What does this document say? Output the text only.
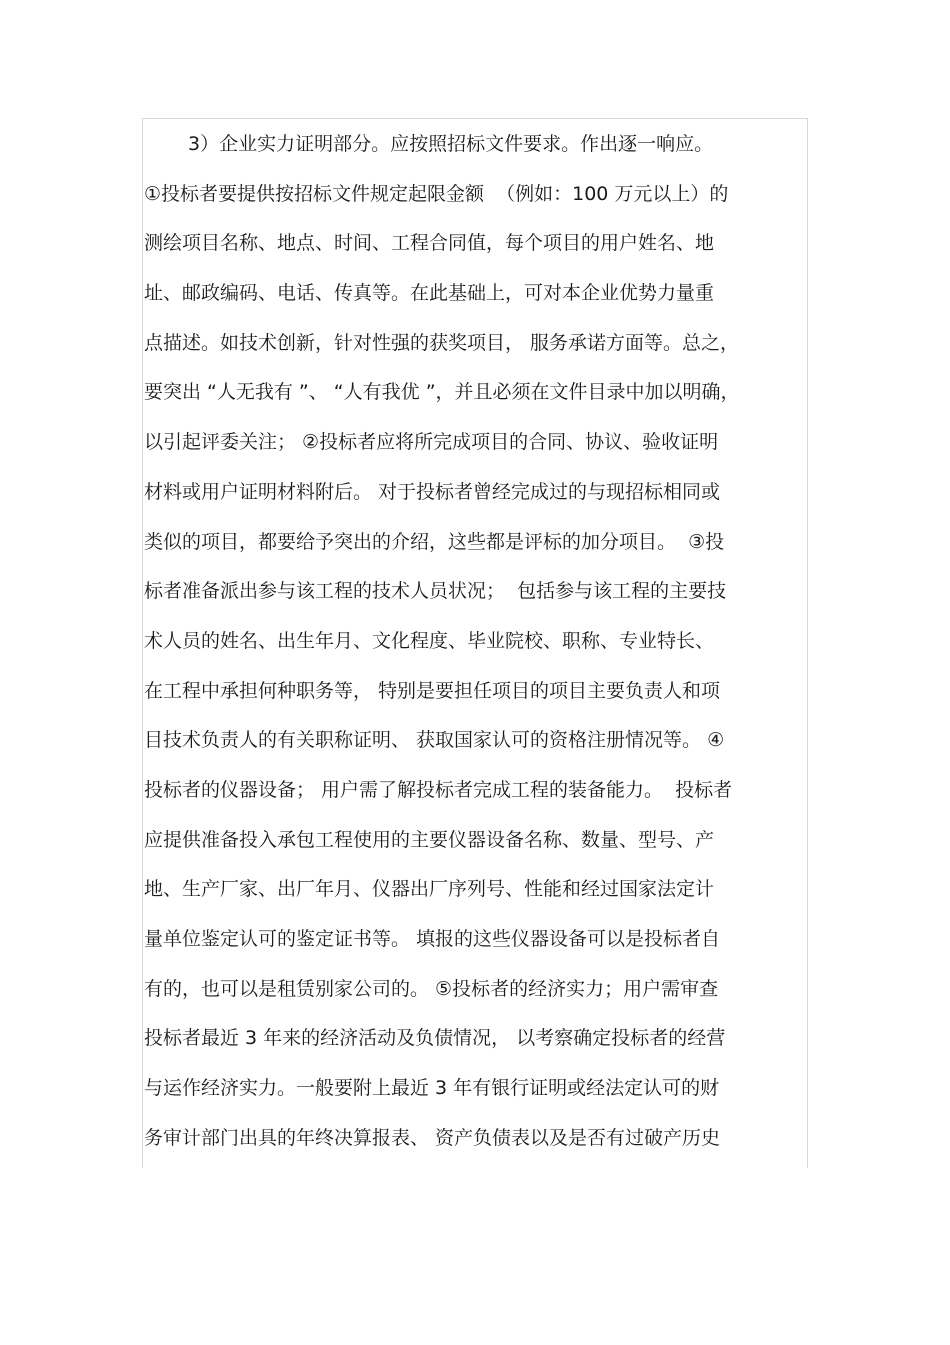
3）企业实力证明部分。应按照招标文件要求。作出逐一响应。
①投标者要提供按招标文件规定起限金额  （例如：100 万元以上）的
测绘项目名称、地点、时间、工程合同值，每个项目的用户姓名、地
址、邮政编码、电话、传真等。在此基础上，可对本企业优势力量重
点描述。如技术创新，针对性强的获奖项目， 服务承诺方面等。总之，
要突出 “人无我有 ”、 “人有我优 ”，并且必须在文件目录中加以明确，
以引起评委关注； ②投标者应将所完成项目的合同、协议、验收证明
材料或用户证明材料附后。 对于投标者曾经完成过的与现招标相同或
类似的项目，都要给予突出的介绍，这些都是评标的加分项目。  ③投
标者准备派出参与该工程的技术人员状况；  包括参与该工程的主要技
术人员的姓名、出生年月、文化程度、毕业院校、职称、专业特长、
在工程中承担何种职务等， 特别是要担任项目的项目主要负责人和项
目技术负责人的有关职称证明、 获取国家认可的资格注册情况等。 ④
投标者的仪器设备； 用户需了解投标者完成工程的装备能力。  投标者
应提供准备投入承包工程使用的主要仪器设备名称、数量、型号、产
地、生产厂家、出厂年月、仪器出厂序列号、性能和经过国家法定计
量单位鉴定认可的鉴定证书等。 填报的这些仪器设备可以是投标者自
有的，也可以是租赁别家公司的。 ⑤投标者的经济实力；用户需审查
投标者最近 3 年来的经济活动及负债情况， 以考察确定投标者的经营
与运作经济实力。一般要附上最近 3 年有银行证明或经法定认可的财
务审计部门出具的年终决算报表、 资产负债表以及是否有过破产历史
